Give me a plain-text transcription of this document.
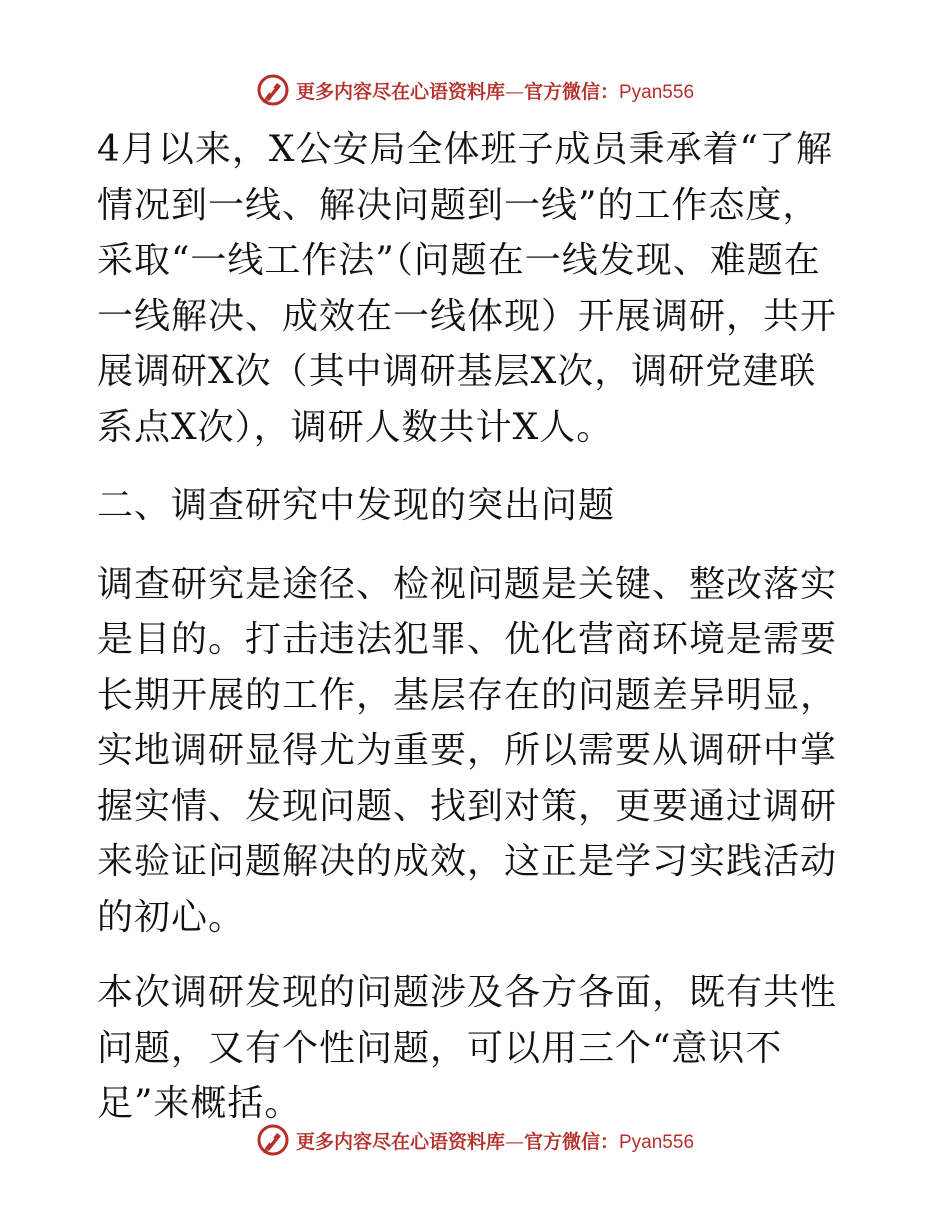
更多内容尽在心语资料库—官方微信：Pyan556

4月以来，X公安局全体班子成员秉承着“了解情况到一线、解决问题到一线”的工作态度，采取“一线工作法”（问题在一线发现、难题在一线解决、成效在一线体现）开展调研，共开展调研X次（其中调研基层X次，调研党建联系点X次），调研人数共计X人。

二、调查研究中发现的突出问题

调查研究是途径、检视问题是关键、整改落实是目的。打击违法犯罪、优化营商环境是需要长期开展的工作，基层存在的问题差异明显，实地调研显得尤为重要，所以需要从调研中掌握实情、发现问题、找到对策，更要通过调研来验证问题解决的成效，这正是学习实践活动的初心。

本次调研发现的问题涉及各方各面，既有共性问题，又有个性问题，可以用三个“意识不足”来概括。

更多内容尽在心语资料库—官方微信：Pyan556
